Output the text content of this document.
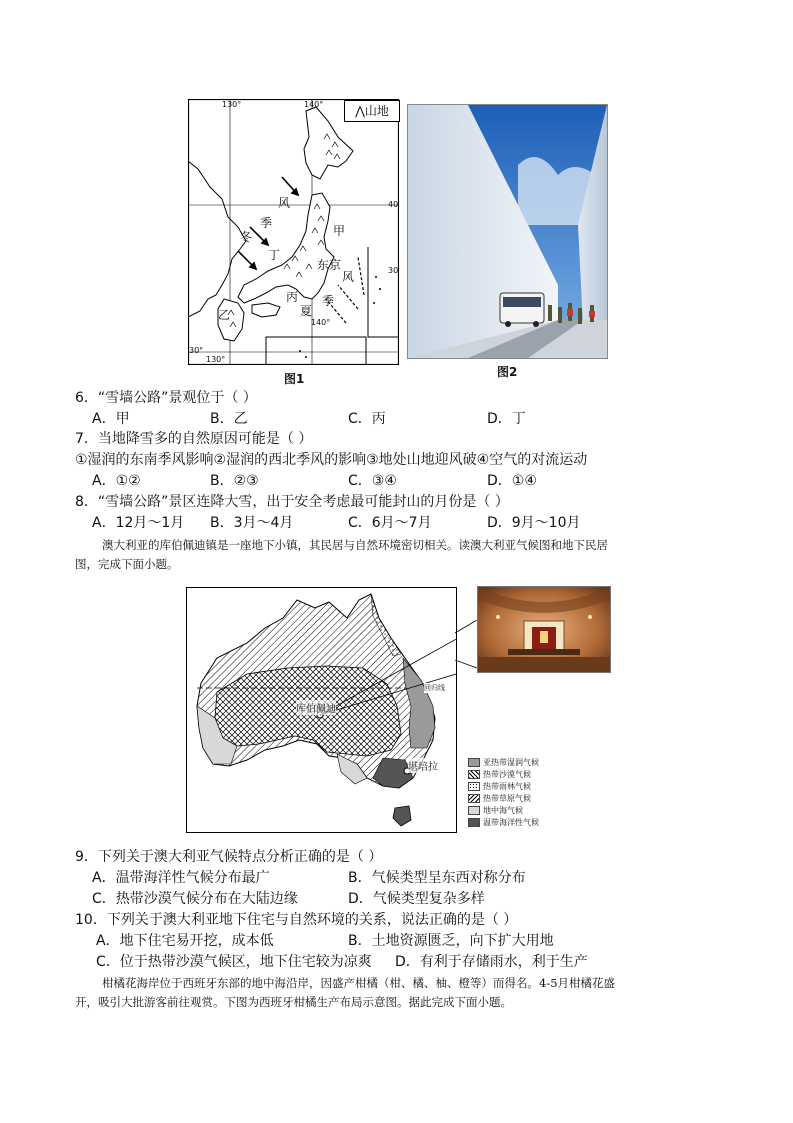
⋀山地
130°	140°
130°
140°
40
30°
30
风
季
冬	甲
丁
东京
风
丙 季
夏
乙
图1	图2
6．“雪墙公路”景观位于（ ）
A．甲	B．乙	C．丙	D．丁
7．当地降雪多的自然原因可能是（ ）
①湿润的东南季风影响②湿润的西北季风的影响③地处山地迎风破④空气的对流运动
A．①②	B．②③	C．③④	D．①④
8．“雪墙公路”景区连降大雪，出于安全考虑最可能封山的月份是（ ）
A．12月～1月 B．3月～4月	C．6月～7月	D．9月～10月
澳大利亚的库伯佩迪镇是一座地下小镇，其民居与自然环境密切相关。读澳大利亚气候图和地下民居
图，完成下面小题。
库伯佩迪
堪培拉
回归线
亚热带湿润气候
热带沙漠气候
热带雨林气候
热带草原气候
地中海气候
温带海洋性气候
9．下列关于澳大利亚气候特点分析正确的是（ ）
A．温带海洋性气候分布最广	B．气候类型呈东西对称分布
C．热带沙漠气候分布在大陆边缘	D．气候类型复杂多样
10．下列关于澳大利亚地下住宅与自然环境的关系，说法正确的是（ ）
A．地下住宅易开挖，成本低	B．土地资源匮乏，向下扩大用地
C．位于热带沙漠气候区，地下住宅较为凉爽 D．有利于存储雨水，利于生产
柑橘花海岸位于西班牙东部的地中海沿岸，因盛产柑橘（柑、橘、柚、橙等）而得名。4-5月柑橘花盛
开，吸引大批游客前往观赏。下图为西班牙柑橘生产布局示意图。据此完成下面小题。
